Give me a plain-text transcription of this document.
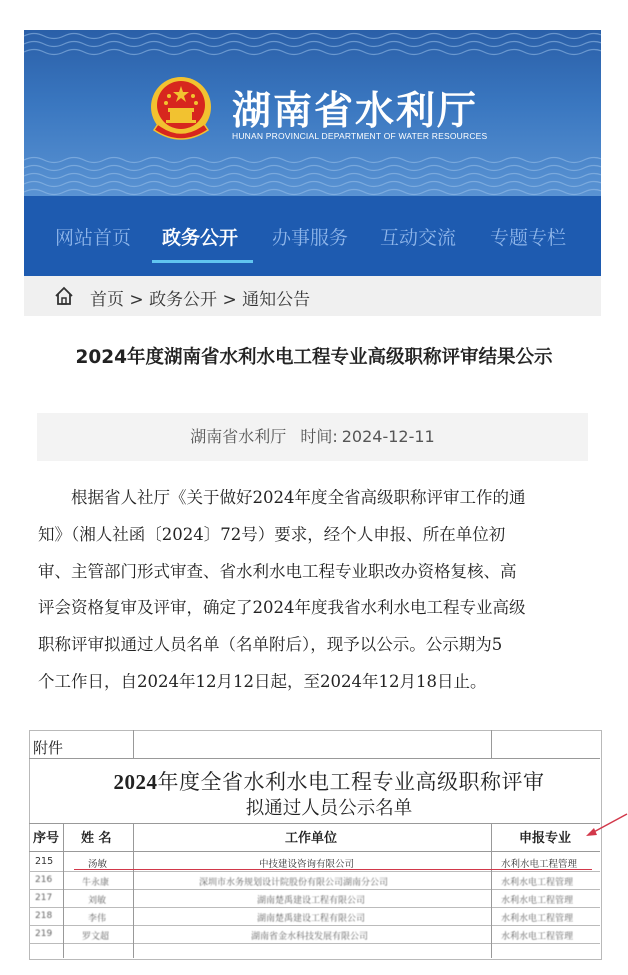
湖南省水利厅
HUNAN PROVINCIAL DEPARTMENT OF WATER RESOURCES
网站首页 政务公开 办事服务 互动交流 专题专栏
首页 > 政务公开 > 通知公告
2024年度湖南省水利水电工程专业高级职称评审结果公示
湖南省水利厅 时间: 2024-12-11
　　根据省人社厅《关于做好2024年度全省高级职称评审工作的通
知》（湘人社函〔2024〕72号）要求，经个人申报、所在单位初
审、主管部门形式审查、省水利水电工程专业职改办资格复核、高
评会资格复审及评审，确定了2024年度我省水利水电工程专业高级
职称评审拟通过人员名单（名单附后），现予以公示。公示期为5
个工作日，自2024年12月12日起，至2024年12月18日止。
附件
2024年度全省水利水电工程专业高级职称评审
拟通过人员公示名单
序号 姓 名	工作单位	申报专业
215	汤敏	中技建设咨询有限公司	水利水电工程管理
216	牛永康	深圳市水务规划设计院股份有限公司湖南分公司	水利水电工程管理
217	刘敏	湖南楚禹建设工程有限公司	水利水电工程管理
218	李伟	湖南楚禹建设工程有限公司	水利水电工程管理
219	罗文超	湖南省金水科技发展有限公司	水利水电工程管理
